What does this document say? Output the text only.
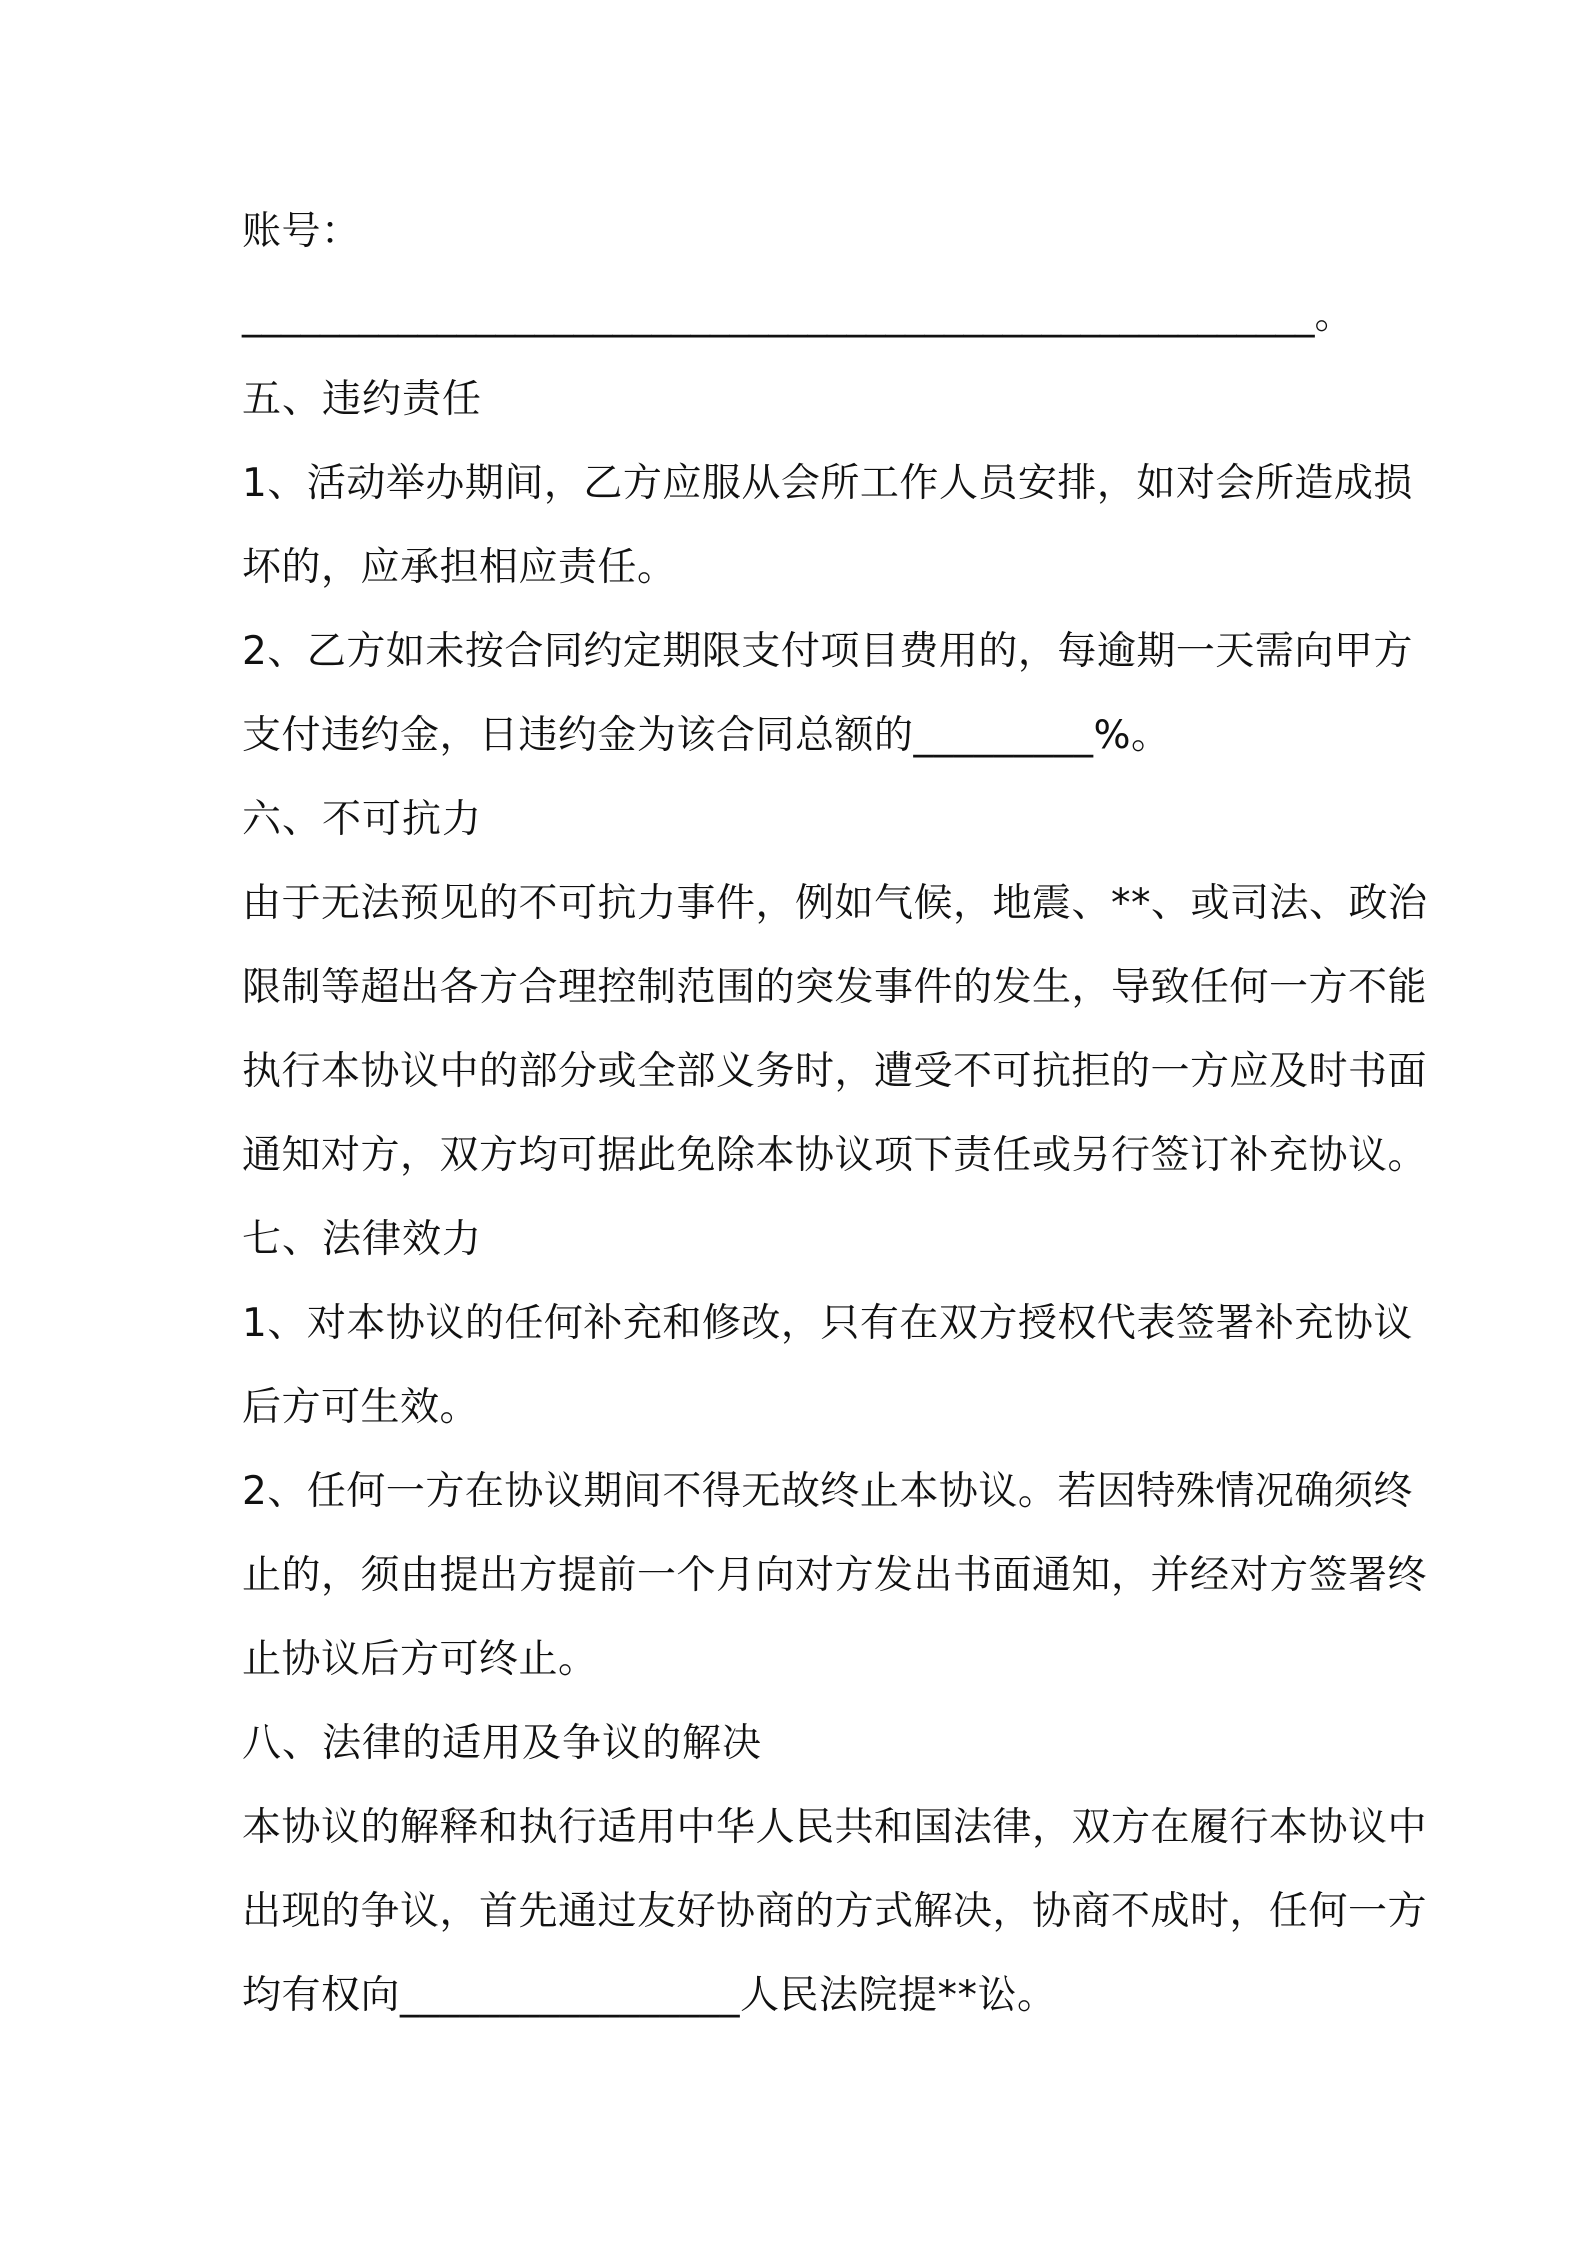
账号：
_______________________________________________________。
五、违约责任
1、活动举办期间，乙方应服从会所工作人员安排，如对会所造成损
坏的，应承担相应责任。
2、乙方如未按合同约定期限支付项目费用的，每逾期一天需向甲方
支付违约金，日违约金为该合同总额的_________%。
六、不可抗力
由于无法预见的不可抗力事件，例如气候，地震、**、或司法、政治
限制等超出各方合理控制范围的突发事件的发生，导致任何一方不能
执行本协议中的部分或全部义务时，遭受不可抗拒的一方应及时书面
通知对方，双方均可据此免除本协议项下责任或另行签订补充协议。
七、法律效力
1、对本协议的任何补充和修改，只有在双方授权代表签署补充协议
后方可生效。
2、任何一方在协议期间不得无故终止本协议。若因特殊情况确须终
止的，须由提出方提前一个月向对方发出书面通知，并经对方签署终
止协议后方可终止。
八、法律的适用及争议的解决
本协议的解释和执行适用中华人民共和国法律，双方在履行本协议中
出现的争议，首先通过友好协商的方式解决，协商不成时，任何一方
均有权向_________________人民法院提**讼。
